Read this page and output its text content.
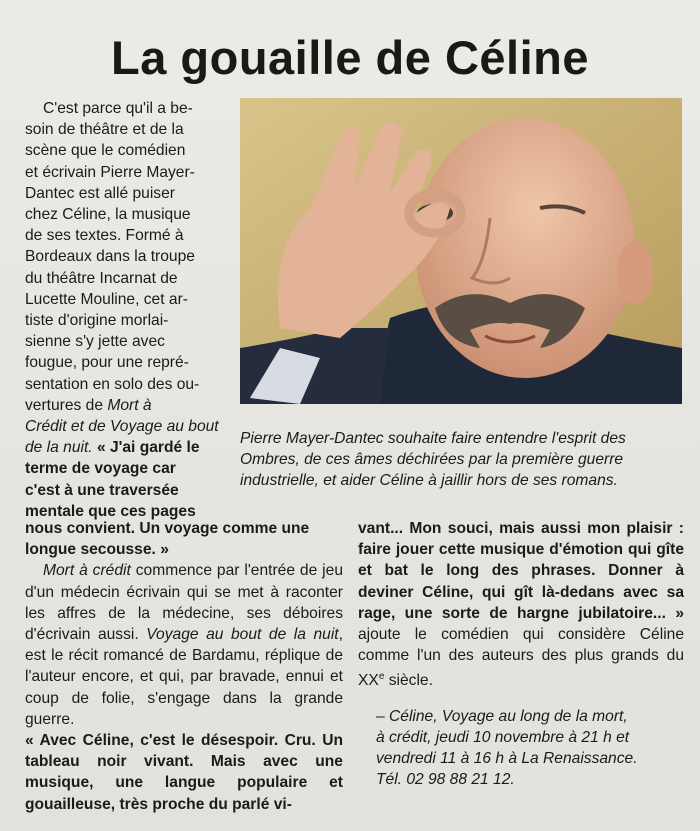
La gouaille de Céline

C'est parce qu'il a be-

soin de théâtre et de la

scène que le comédien

et écrivain Pierre Mayer-

Dantec est allé puiser

chez Céline, la musique

de ses textes. Formé à

Bordeaux dans la troupe

du théâtre Incarnat de

Lucette Mouline, cet ar-

tiste d'origine morlai-

sienne s'y jette avec

fougue, pour une repré-

sentation en solo des ou-

vertures de Mort à

Crédit et de Voyage au bout

de la nuit. « J'ai gardé le

terme de voyage car

c'est à une traversée

mentale que ces pages

Pierre Mayer-Dantec souhaite faire entendre l'esprit des

Ombres, de ces âmes déchirées par la première guerre

industrielle, et aider Céline à jaillir hors de ses romans.

nous convient. Un voyage comme une

longue secousse. »

Mort à crédit commence par l'entrée de jeu d'un médecin écrivain qui se met à raconter les affres de la médecine, ses déboires d'écrivain aussi. Voyage au bout de la nuit, est le récit romancé de Bardamu, réplique de l'auteur encore, et qui, par bravade, ennui et coup de folie, s'engage dans la grande guerre.

« Avec Céline, c'est le désespoir. Cru. Un tableau noir vivant. Mais avec une musique, une langue populaire et gouailleuse, très proche du parlé vi-

vant... Mon souci, mais aussi mon plaisir : faire jouer cette musique d'émotion qui gîte et bat le long des phrases. Donner à deviner Céline, qui gît là-dedans avec sa rage, une sorte de hargne jubilatoire... » ajoute le comédien qui considère Céline comme l'un des auteurs des plus grands du XXe siècle.

– Céline, Voyage au long de la mort,

à crédit, jeudi 10 novembre à 21 h et

vendredi 11 à 16 h à La Renaissance.

Tél. 02 98 88 21 12.
